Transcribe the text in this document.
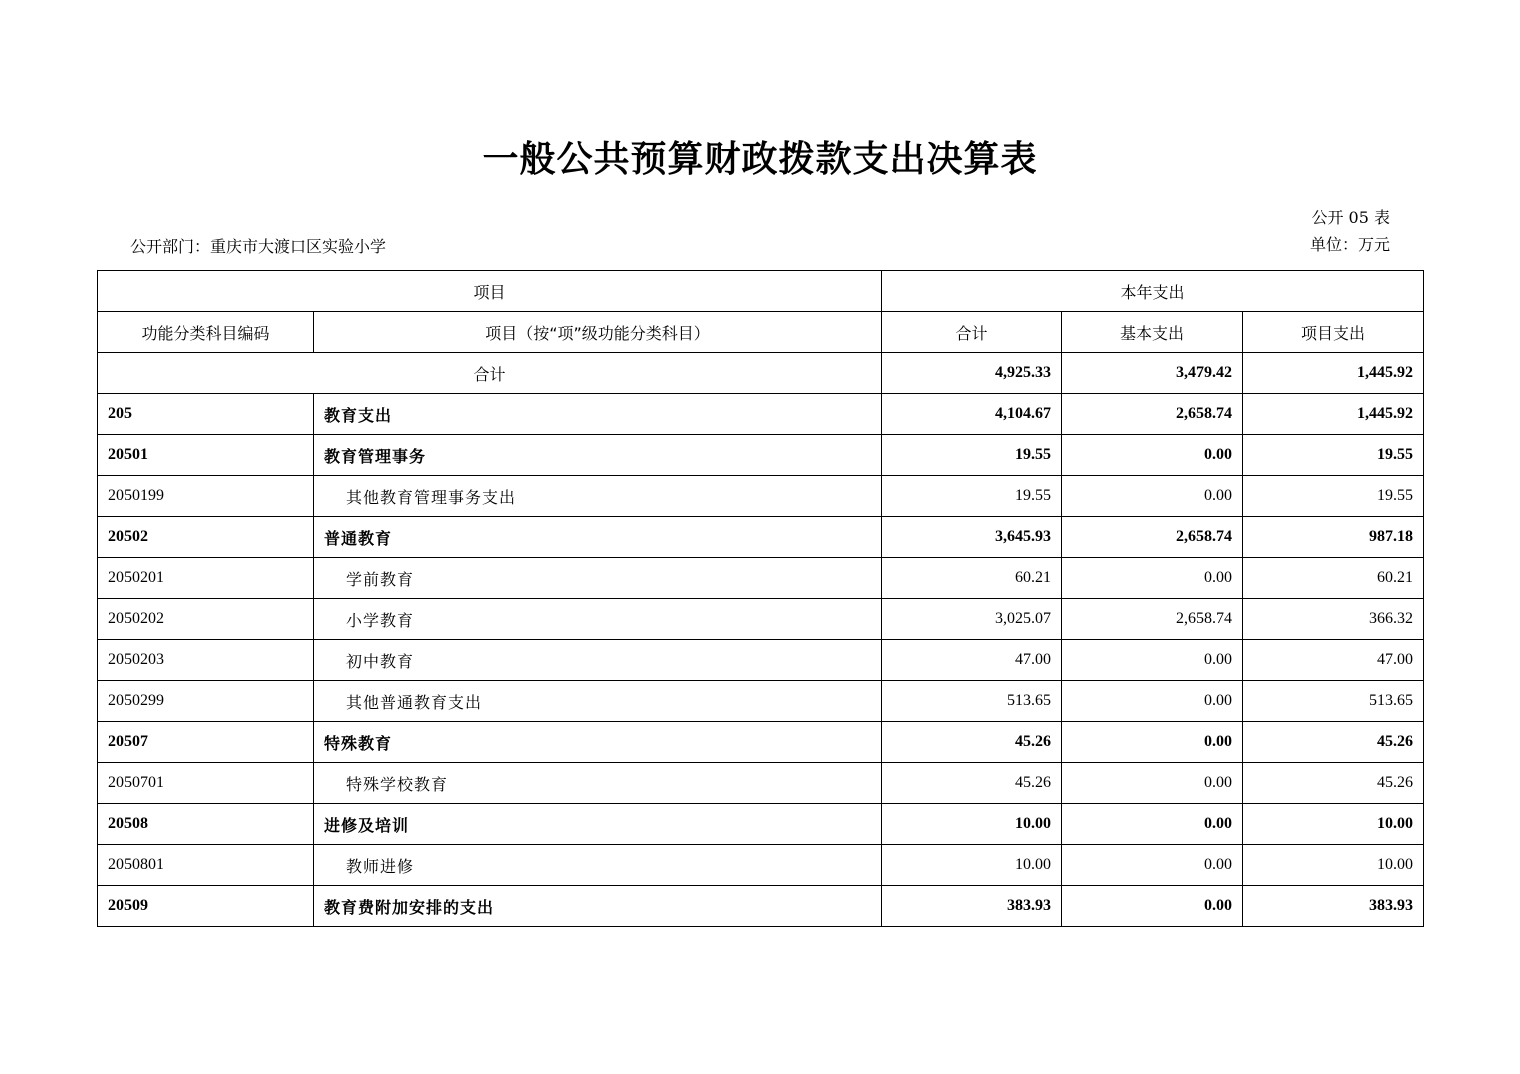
一般公共预算财政拨款支出决算表
公开 05 表
公开部门：重庆市大渡口区实验小学	单位：万元
项目		本年支出		
功能分类科目编码	项目（按“项”级功能分类科目）	合计	基本支出	项目支出
合计		4,925.33	3,479.42	1,445.92
205	教育支出	4,104.67	2,658.74	1,445.92
20501	教育管理事务	19.55	0.00	19.55
2050199	其他教育管理事务支出	19.55	0.00	19.55
20502	普通教育	3,645.93	2,658.74	987.18
2050201	学前教育	60.21	0.00	60.21
2050202	小学教育	3,025.07	2,658.74	366.32
2050203	初中教育	47.00	0.00	47.00
2050299	其他普通教育支出	513.65	0.00	513.65
20507	特殊教育	45.26	0.00	45.26
2050701	特殊学校教育	45.26	0.00	45.26
20508	进修及培训	10.00	0.00	10.00
2050801	教师进修	10.00	0.00	10.00
20509	教育费附加安排的支出	383.93	0.00	383.93
